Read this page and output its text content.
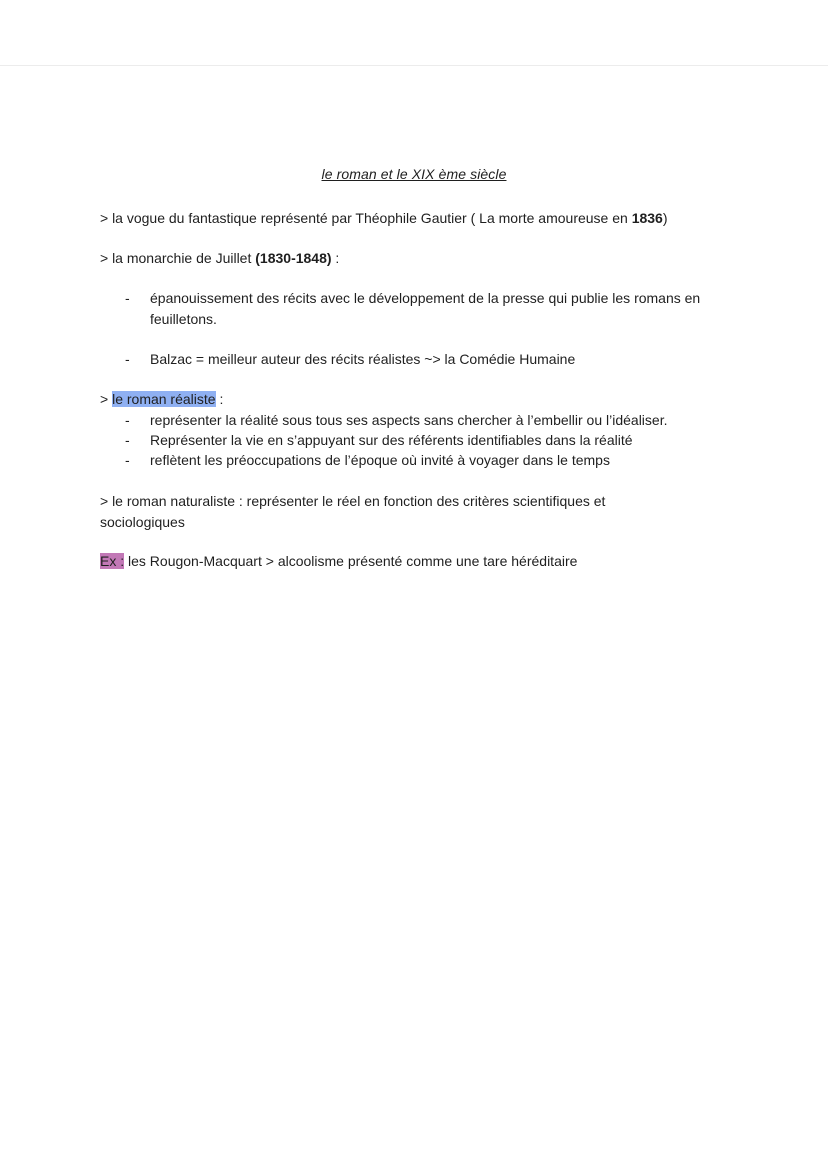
le roman et le XIX ème siècle
> la vogue du fantastique représenté par Théophile Gautier ( La morte amoureuse en 1836)
> la monarchie de Juillet (1830-1848) :
- épanouissement des récits avec le développement de la presse qui publie les romans en feuilletons.
- Balzac = meilleur auteur des récits réalistes ~> la Comédie Humaine
> le roman réaliste :
- représenter la réalité sous tous ses aspects sans chercher à l’embellir ou l’idéaliser.
- Représenter la vie en s’appuyant sur des référents identifiables dans la réalité
- reflètent les préoccupations de l’époque où invité à voyager dans le temps
> le roman naturaliste : représenter le réel en fonction des critères scientifiques et sociologiques
Ex : les Rougon-Macquart > alcoolisme présenté comme une tare héréditaire
